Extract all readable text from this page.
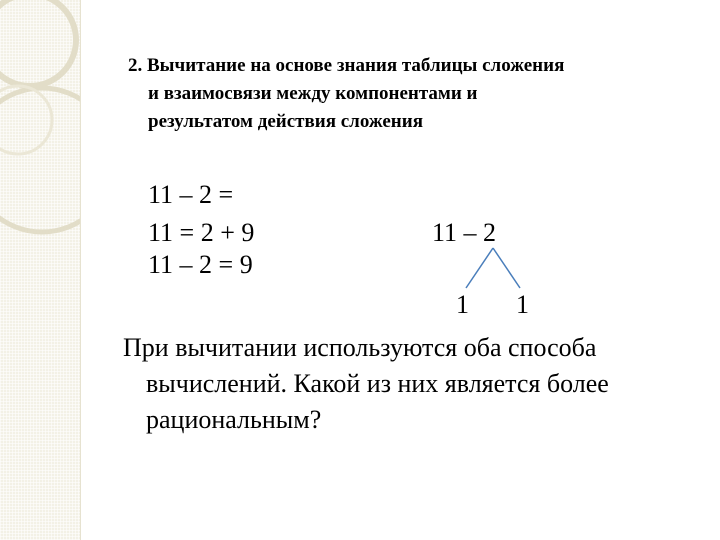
2. Вычитание на основе знания таблицы сложения
и взаимосвязи между компонентами и
результатом действия сложения
11 – 2 =
11 = 2 + 9
11 – 2 = 9
11 – 2
1 1
При вычитании используются оба способа
вычислений. Какой из них является более
рациональным?
